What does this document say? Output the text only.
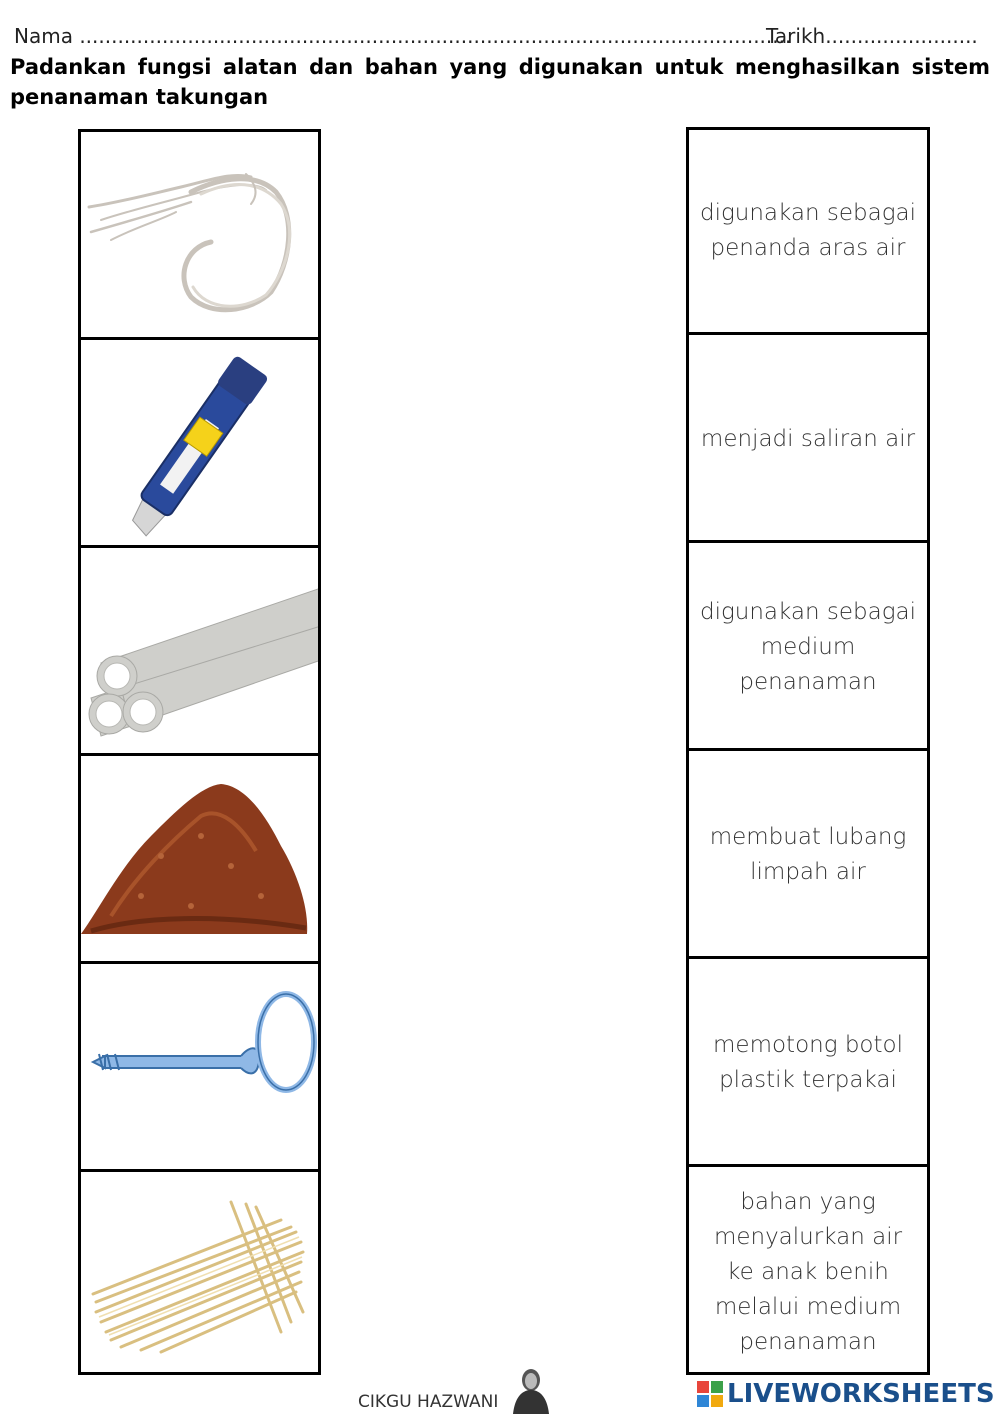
Nama ................................................................................................................
Tarikh........................
Padankan fungsi alatan dan bahan yang digunakan untuk menghasilkan sistem penanaman takungan
digunakan sebagai penanda aras air
menjadi saliran air
digunakan sebagai medium penanaman
membuat lubang limpah air
memotong botol plastik terpakai
bahan yang menyalurkan air ke anak benih melalui medium penanaman
CIKGU HAZWANI	LIVEWORKSHEETS
